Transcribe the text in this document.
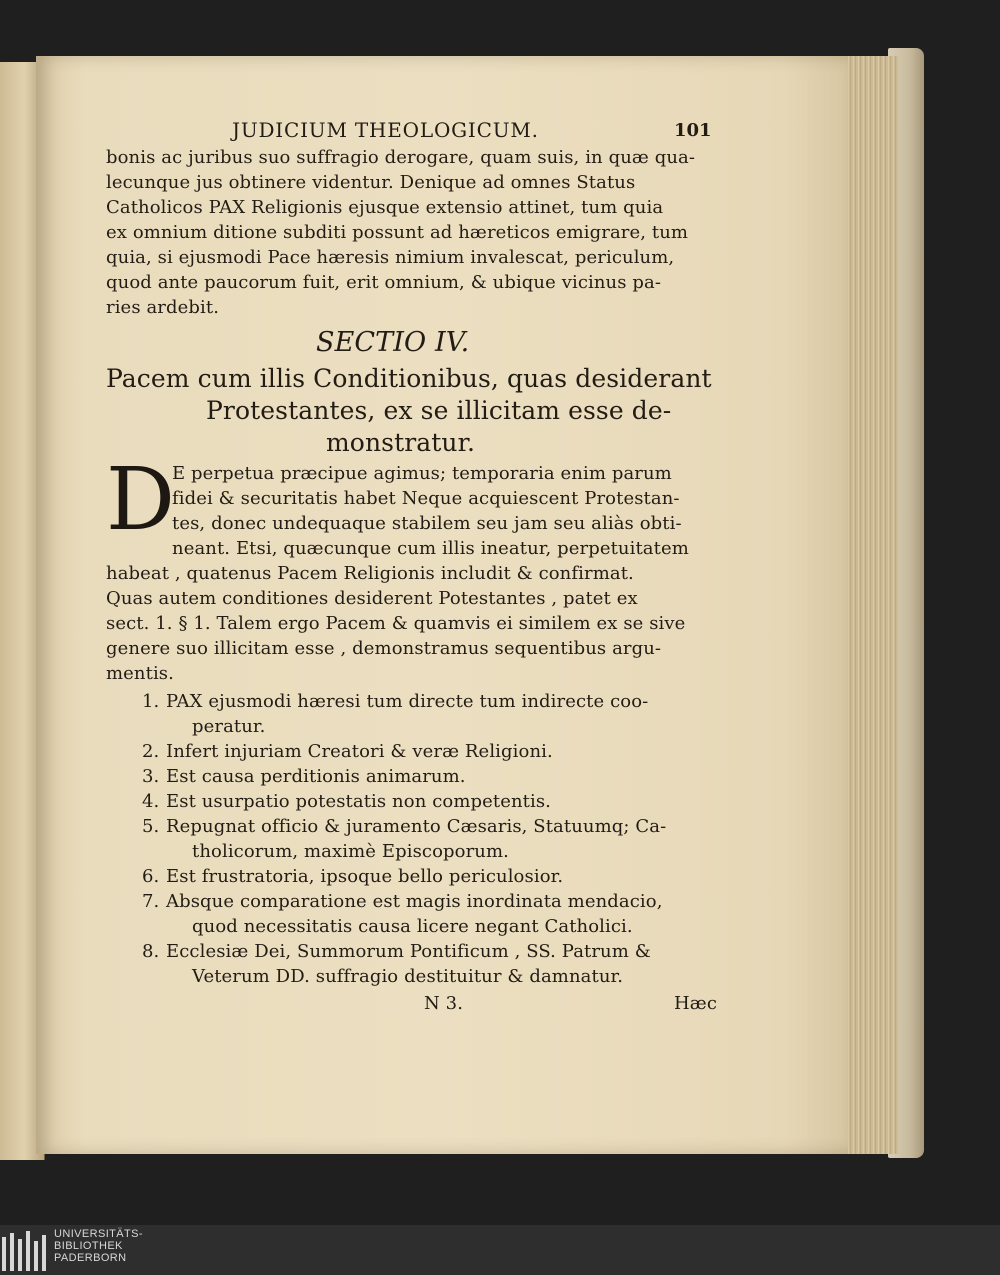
JUDICIUM THEOLOGICUM.	101
bonis ac juribus suo suffragio derogare, quam suis, in quæ qua-
lecunque jus obtinere videntur. Denique ad omnes Status
Catholicos PAX Religionis ejusque extensio attinet, tum quia
ex omnium ditione subditi possunt ad hæreticos emigrare, tum
quia, si ejusmodi Pace hæresis nimium invalescat, periculum,
quod ante paucorum fuit, erit omnium, & ubique vicinus pa-
ries ardebit.
SECTIO IV.
Pacem cum illis Conditionibus, quas desiderant
Protestantes, ex se illicitam esse de-
monstratur.
D
E perpetua præcipue agimus; temporaria enim parum
fidei & securitatis habet Neque acquiescent Protestan-
tes, donec undequaque stabilem seu jam seu aliàs obti-
neant. Etsi, quæcunque cum illis ineatur, perpetuitatem
habeat , quatenus Pacem Religionis includit & confirmat.
Quas autem conditiones desiderent Potestantes , patet ex
sect. 1. § 1. Talem ergo Pacem & quamvis ei similem ex se sive
genere suo illicitam esse , demonstramus sequentibus argu-
mentis.
1. PAX ejusmodi hæresi tum directe tum indirecte coo-
peratur.
2. Infert injuriam Creatori & veræ Religioni.
3. Est causa perditionis animarum.
4. Est usurpatio potestatis non competentis.
5. Repugnat officio & juramento Cæsaris, Statuumq; Ca-
tholicorum, maximè Episcoporum.
6. Est frustratoria, ipsoque bello periculosior.
7. Absque comparatione est magis inordinata mendacio,
quod necessitatis causa licere negant Catholici.
8. Ecclesiæ Dei, Summorum Pontificum , SS. Patrum &
Veterum DD. suffragio destituitur & damnatur.
N 3.	Hæc
UNIVERSITÄTS-
BIBLIOTHEK
PADERBORN
